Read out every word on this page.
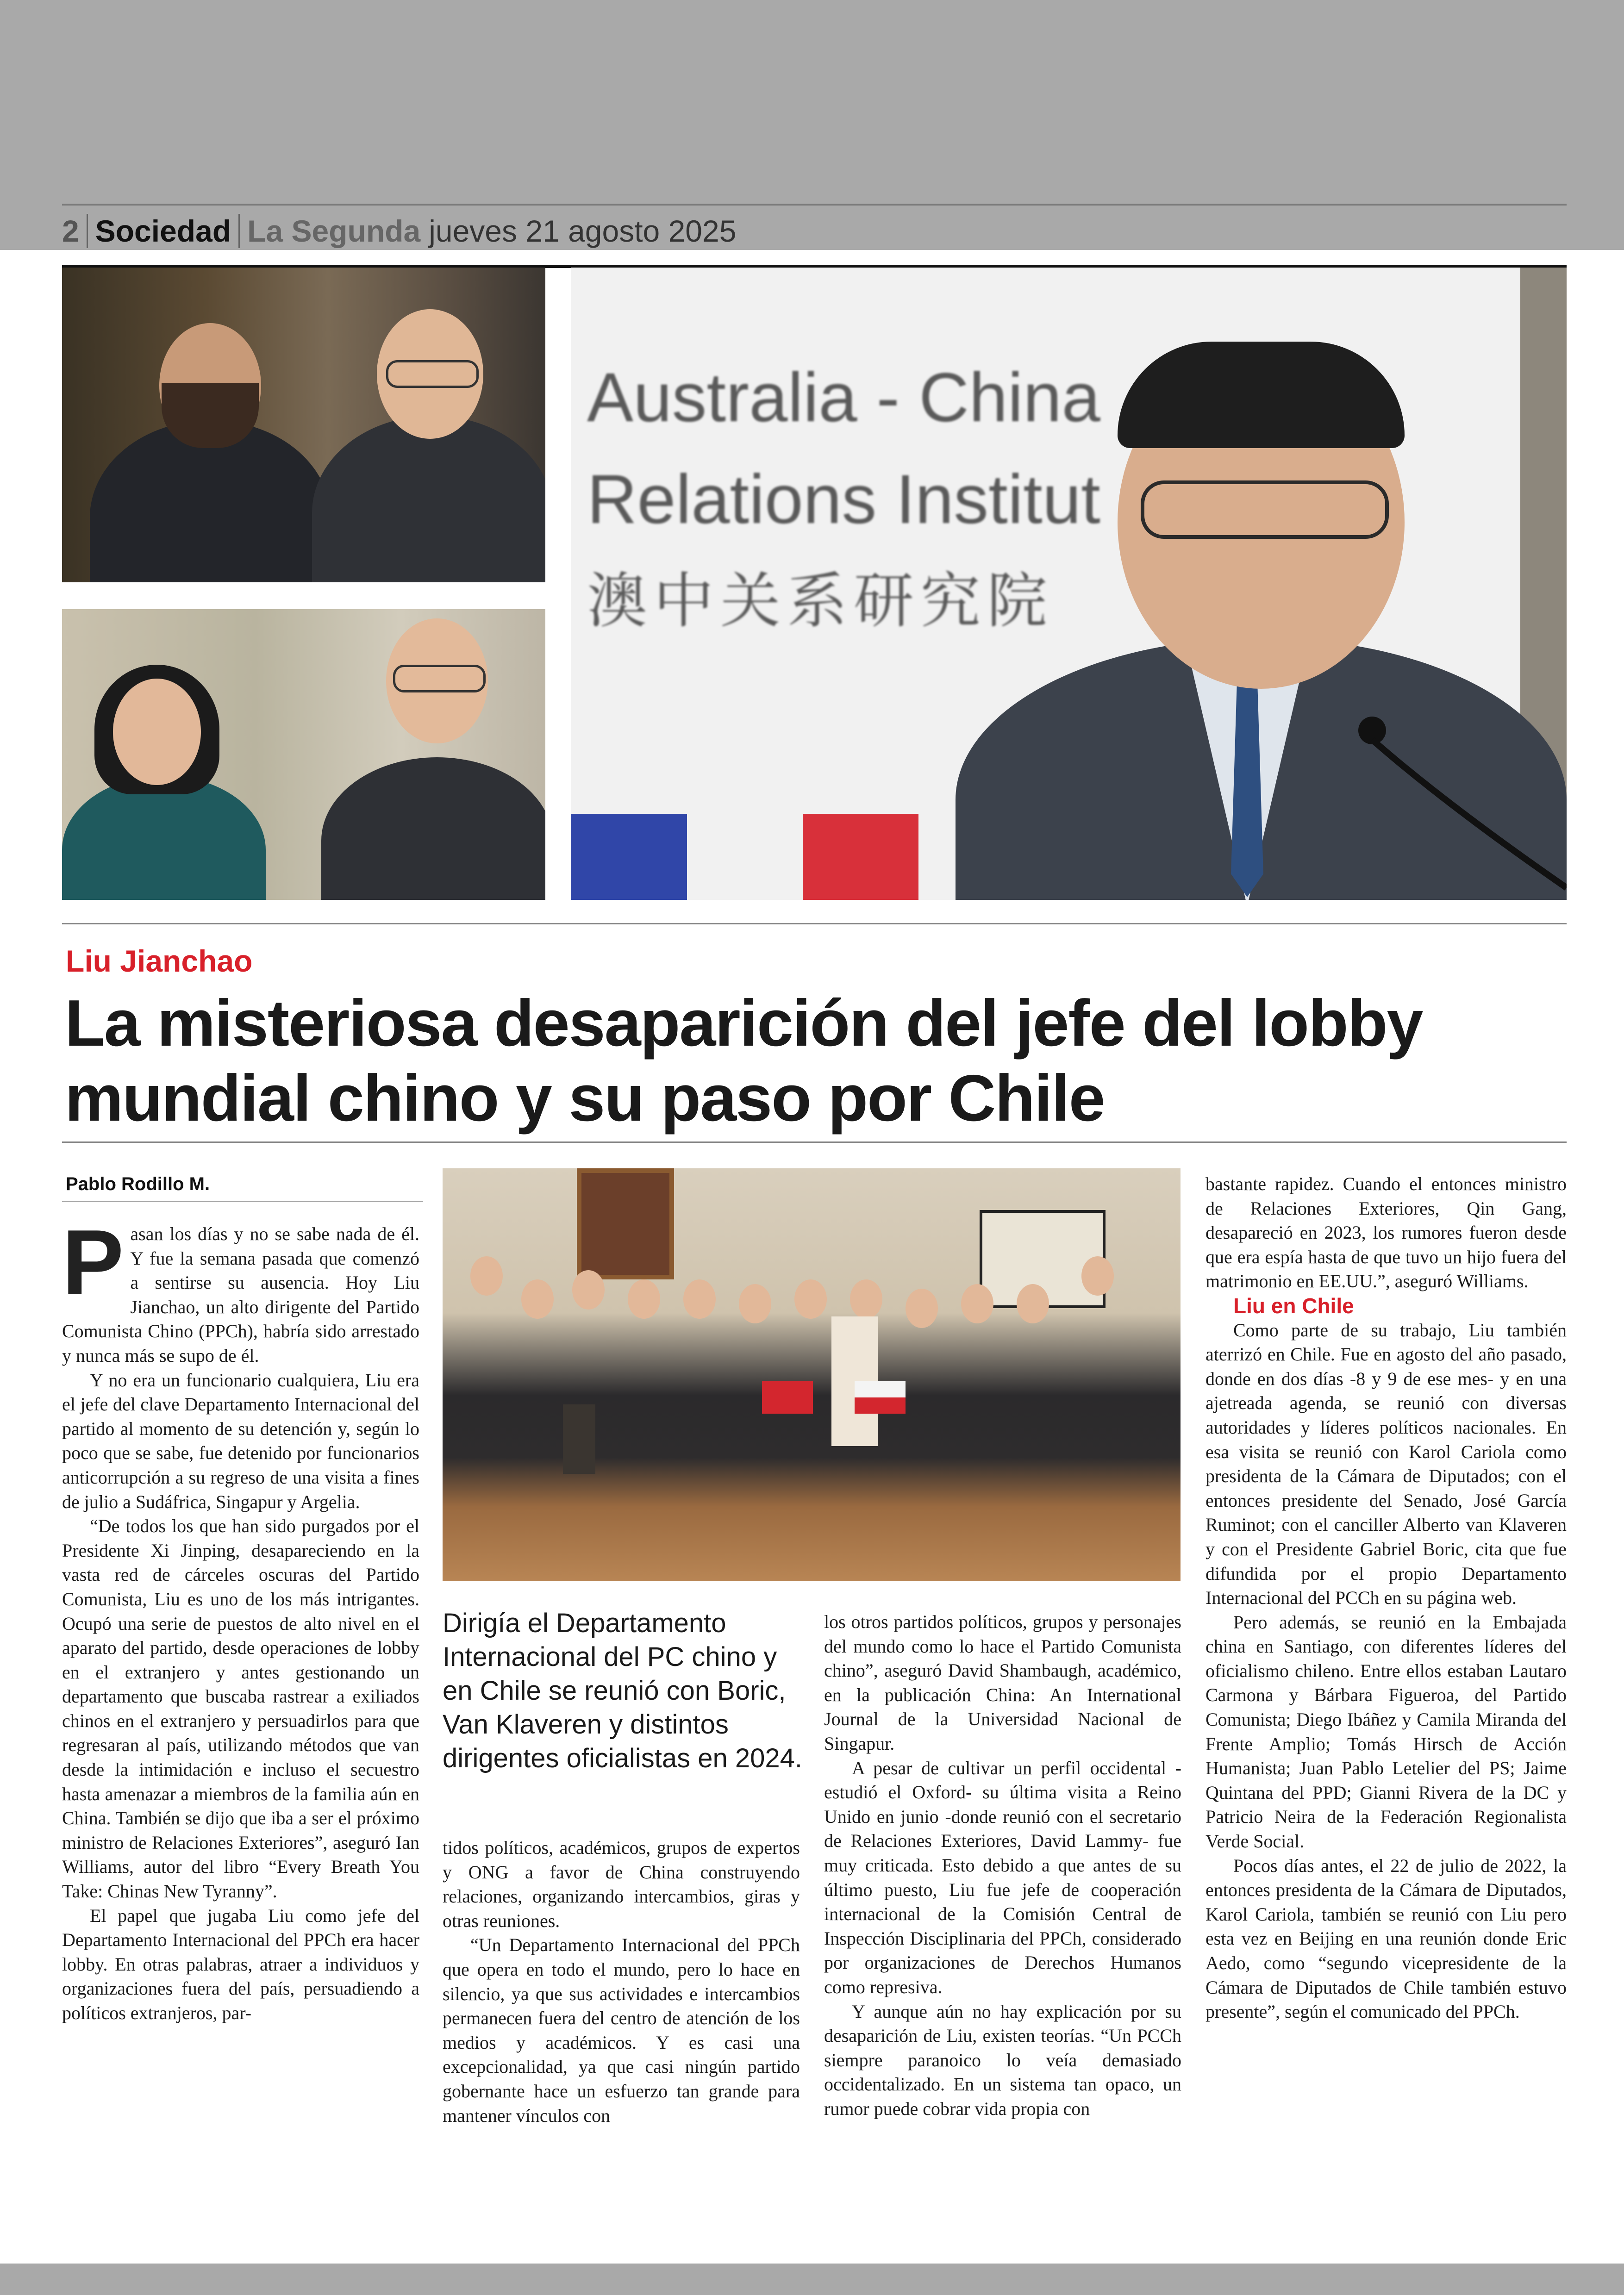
2 Sociedad La Segunda jueves 21 agosto 2025
Australia - China
Relations Institut
澳中关系研究院
Liu Jianchao
La misteriosa desaparición del jefe del lobby mundial chino y su paso por Chile
Pablo Rodillo M.

Pasan los días y no se sabe nada de él. Y fue la semana pasada que comenzó a sentirse su ausencia. Hoy Liu Jianchao, un alto dirigente del Partido Comunista Chino (PPCh), habría sido arrestado y nunca más se supo de él.

Y no era un funcionario cualquiera, Liu era el jefe del clave Departamento Internacional del partido al momento de su detención y, según lo poco que se sabe, fue detenido por funcionarios anticorrupción a su regreso de una visita a fines de julio a Sudáfrica, Singapur y Argelia.

“De todos los que han sido purgados por el Presidente Xi Jinping, desapareciendo en la vasta red de cárceles oscuras del Partido Comunista, Liu es uno de los más intrigantes. Ocupó una serie de puestos de alto nivel en el aparato del partido, desde operaciones de lobby en el extranjero y antes gestionando un departamento que buscaba rastrear a exiliados chinos en el extranjero y persuadirlos para que regresaran al país, utilizando métodos que van desde la intimidación e incluso el secuestro hasta amenazar a miembros de la familia aún en China. También se dijo que iba a ser el próximo ministro de Relaciones Exteriores”, aseguró Ian Williams, autor del libro “Every Breath You Take: Chinas New Tyranny”.

El papel que jugaba Liu como jefe del Departamento Internacional del PPCh era hacer lobby. En otras palabras, atraer a individuos y organizaciones fuera del país, persuadiendo a políticos extranjeros, par-

Dirigía el Departamento Internacional del PC chino y en Chile se reunió con Boric, Van Klaveren y distintos dirigentes oficialistas en 2024.

tidos políticos, académicos, grupos de expertos y ONG a favor de China construyendo relaciones, organizando intercambios, giras y otras reuniones.

“Un Departamento Internacional del PPCh que opera en todo el mundo, pero lo hace en silencio, ya que sus actividades e intercambios permanecen fuera del centro de atención de los medios y académicos. Y es casi una excepcionalidad, ya que casi ningún partido gobernante hace un esfuerzo tan grande para mantener vínculos con

los otros partidos políticos, grupos y personajes del mundo como lo hace el Partido Comunista chino”, aseguró David Shambaugh, académico, en la publicación China: An International Journal de la Universidad Nacional de Singapur.

A pesar de cultivar un perfil occidental -estudió el Oxford- su última visita a Reino Unido en junio -donde reunió con el secretario de Relaciones Exteriores, David Lammy- fue muy criticada. Esto debido a que antes de su último puesto, Liu fue jefe de cooperación internacional de la Comisión Central de Inspección Disciplinaria del PPCh, considerado por organizaciones de Derechos Humanos como represiva.

Y aunque aún no hay explicación por su desaparición de Liu, existen teorías. “Un PCCh siempre paranoico lo veía demasiado occidentalizado. En un sistema tan opaco, un rumor puede cobrar vida propia con

bastante rapidez. Cuando el entonces ministro de Relaciones Exteriores, Qin Gang, desapareció en 2023, los rumores fueron desde que era espía hasta de que tuvo un hijo fuera del matrimonio en EE.UU.”, aseguró Williams.

Liu en Chile

Como parte de su trabajo, Liu también aterrizó en Chile. Fue en agosto del año pasado, donde en dos días -8 y 9 de ese mes- y en una ajetreada agenda, se reunió con diversas autoridades y líderes políticos nacionales. En esa visita se reunió con Karol Cariola como presidenta de la Cámara de Diputados; con el entonces presidente del Senado, José García Ruminot; con el canciller Alberto van Klaveren y con el Presidente Gabriel Boric, cita que fue difundida por el propio Departamento Internacional del PCCh en su página web.

Pero además, se reunió en la Embajada china en Santiago, con diferentes líderes del oficialismo chileno. Entre ellos estaban Lautaro Carmona y Bárbara Figueroa, del Partido Comunista; Diego Ibáñez y Camila Miranda del Frente Amplio; Tomás Hirsch de Acción Humanista; Juan Pablo Letelier del PS; Jaime Quintana del PPD; Gianni Rivera de la DC y Patricio Neira de la Federación Regionalista Verde Social.

Pocos días antes, el 22 de julio de 2022, la entonces presidenta de la Cámara de Diputados, Karol Cariola, también se reunió con Liu pero esta vez en Beijing en una reunión donde Eric Aedo, como “segundo vicepresidente de la Cámara de Diputados de Chile también estuvo presente”, según el comunicado del PPCh.
